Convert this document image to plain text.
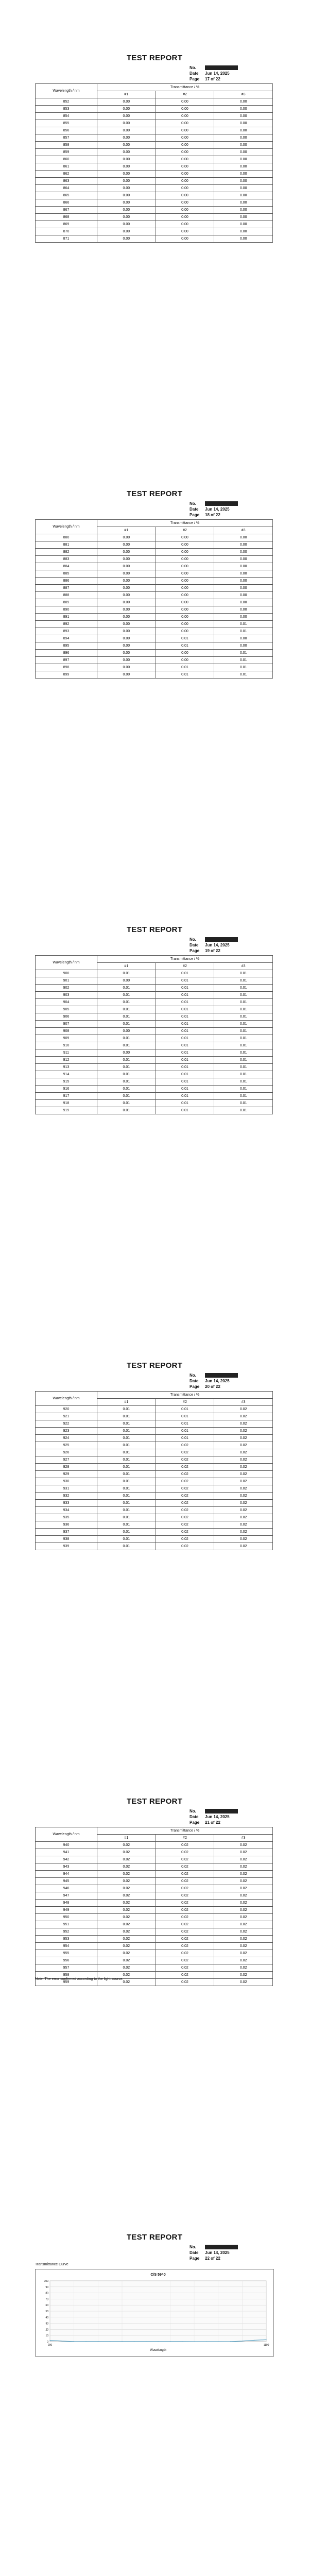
TEST REPORT
No.
Date	Jun 14, 2025
Page	17 of 22
Wavelength / nm	Transmittance / %		
	#1	#2	#3
852	0.00	0.00	0.00
853	0.00	0.00	0.00
854	0.00	0.00	0.00
855	0.00	0.00	0.00
856	0.00	0.00	0.00
857	0.00	0.00	0.00
858	0.00	0.00	0.00
859	0.00	0.00	0.00
860	0.00	0.00	0.00
861	0.00	0.00	0.00
862	0.00	0.00	0.00
863	0.00	0.00	0.00
864	0.00	0.00	0.00
865	0.00	0.00	0.00
866	0.00	0.00	0.00
867	0.00	0.00	0.00
868	0.00	0.00	0.00
869	0.00	0.00	0.00
870	0.00	0.00	0.00
871	0.00	0.00	0.00
TEST REPORT
No.
Date	Jun 14, 2025
Page	18 of 22
Wavelength / nm	Transmittance / %		
	#1	#2	#3
880	0.00	0.00	0.00
881	0.00	0.00	0.00
882	0.00	0.00	0.00
883	0.00	0.00	0.00
884	0.00	0.00	0.00
885	0.00	0.00	0.00
886	0.00	0.00	0.00
887	0.00	0.00	0.00
888	0.00	0.00	0.00
889	0.00	0.00	0.00
890	0.00	0.00	0.00
891	0.00	0.00	0.00
892	0.00	0.00	0.01
893	0.00	0.00	0.01
894	0.00	0.01	0.00
895	0.00	0.01	0.00
896	0.00	0.00	0.01
897	0.00	0.00	0.01
898	0.00	0.01	0.01
899	0.00	0.01	0.01
TEST REPORT
No.
Date	Jun 14, 2025
Page	19 of 22
Wavelength / nm	Transmittance / %		
	#1	#2	#3
900	0.01	0.01	0.01
901	0.00	0.01	0.01
902	0.01	0.01	0.01
903	0.01	0.01	0.01
904	0.01	0.01	0.01
905	0.01	0.01	0.01
906	0.01	0.01	0.01
907	0.01	0.01	0.01
908	0.00	0.01	0.01
909	0.01	0.01	0.01
910	0.01	0.01	0.01
911	0.00	0.01	0.01
912	0.01	0.01	0.01
913	0.01	0.01	0.01
914	0.01	0.01	0.01
915	0.01	0.01	0.01
916	0.01	0.01	0.01
917	0.01	0.01	0.01
918	0.01	0.01	0.01
919	0.01	0.01	0.01
TEST REPORT
No.
Date	Jun 14, 2025
Page	20 of 22
Wavelength / nm	Transmittance / %		
	#1	#2	#3
920	0.01	0.01	0.02
921	0.01	0.01	0.02
922	0.01	0.01	0.02
923	0.01	0.01	0.02
924	0.01	0.01	0.02
925	0.01	0.02	0.02
926	0.01	0.02	0.02
927	0.01	0.02	0.02
928	0.01	0.02	0.02
929	0.01	0.02	0.02
930	0.01	0.02	0.02
931	0.01	0.02	0.02
932	0.01	0.02	0.02
933	0.01	0.02	0.02
934	0.01	0.02	0.02
935	0.01	0.02	0.02
936	0.01	0.02	0.02
937	0.01	0.02	0.02
938	0.01	0.02	0.02
939	0.01	0.02	0.02
TEST REPORT
No.
Date	Jun 14, 2025
Page	21 of 22
Wavelength / nm	Transmittance / %		
	#1	#2	#3
940	0.02	0.02	0.02
941	0.02	0.02	0.02
942	0.02	0.02	0.02
943	0.02	0.02	0.02
944	0.02	0.02	0.02
945	0.02	0.02	0.02
946	0.02	0.02	0.02
947	0.02	0.02	0.02
948	0.02	0.02	0.02
949	0.02	0.02	0.02
950	0.02	0.02	0.02
951	0.02	0.02	0.02
952	0.02	0.02	0.02
953	0.02	0.02	0.02
954	0.02	0.02	0.02
955	0.02	0.02	0.02
956	0.02	0.02	0.02
957	0.02	0.02	0.02
958	0.02	0.02	0.02
959	0.02	0.02	0.02
Note: The error confirmed according to the light source.
TEST REPORT
No.
Date	Jun 14, 2025
Page	22 of 22
Transmittance Curve
C/S 5940
100
90
80
70
60
50
40
30
20
10
0
200	1100
Wavelength
